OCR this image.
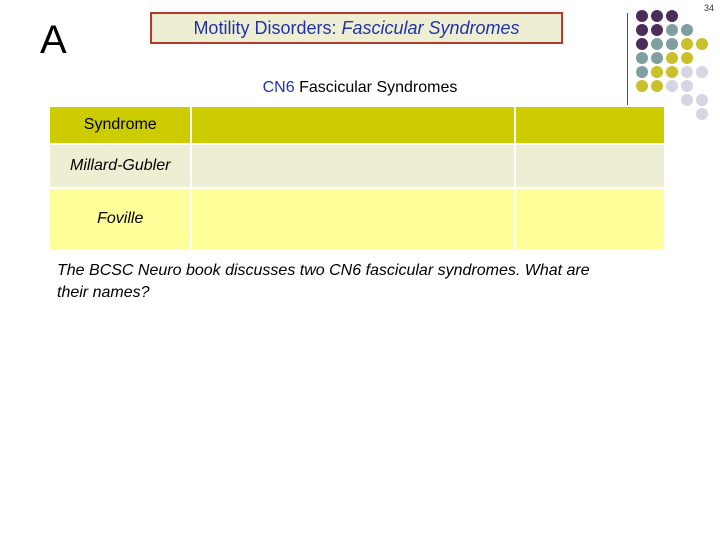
A	Motility Disorders:
Fascicular Syndromes
34
CN6 Fascicular Syndromes
Syndrome		
Millard-Gubler		
Foville		
The BCSC Neuro book discusses two CN6 fascicular syndromes. What are their names?
